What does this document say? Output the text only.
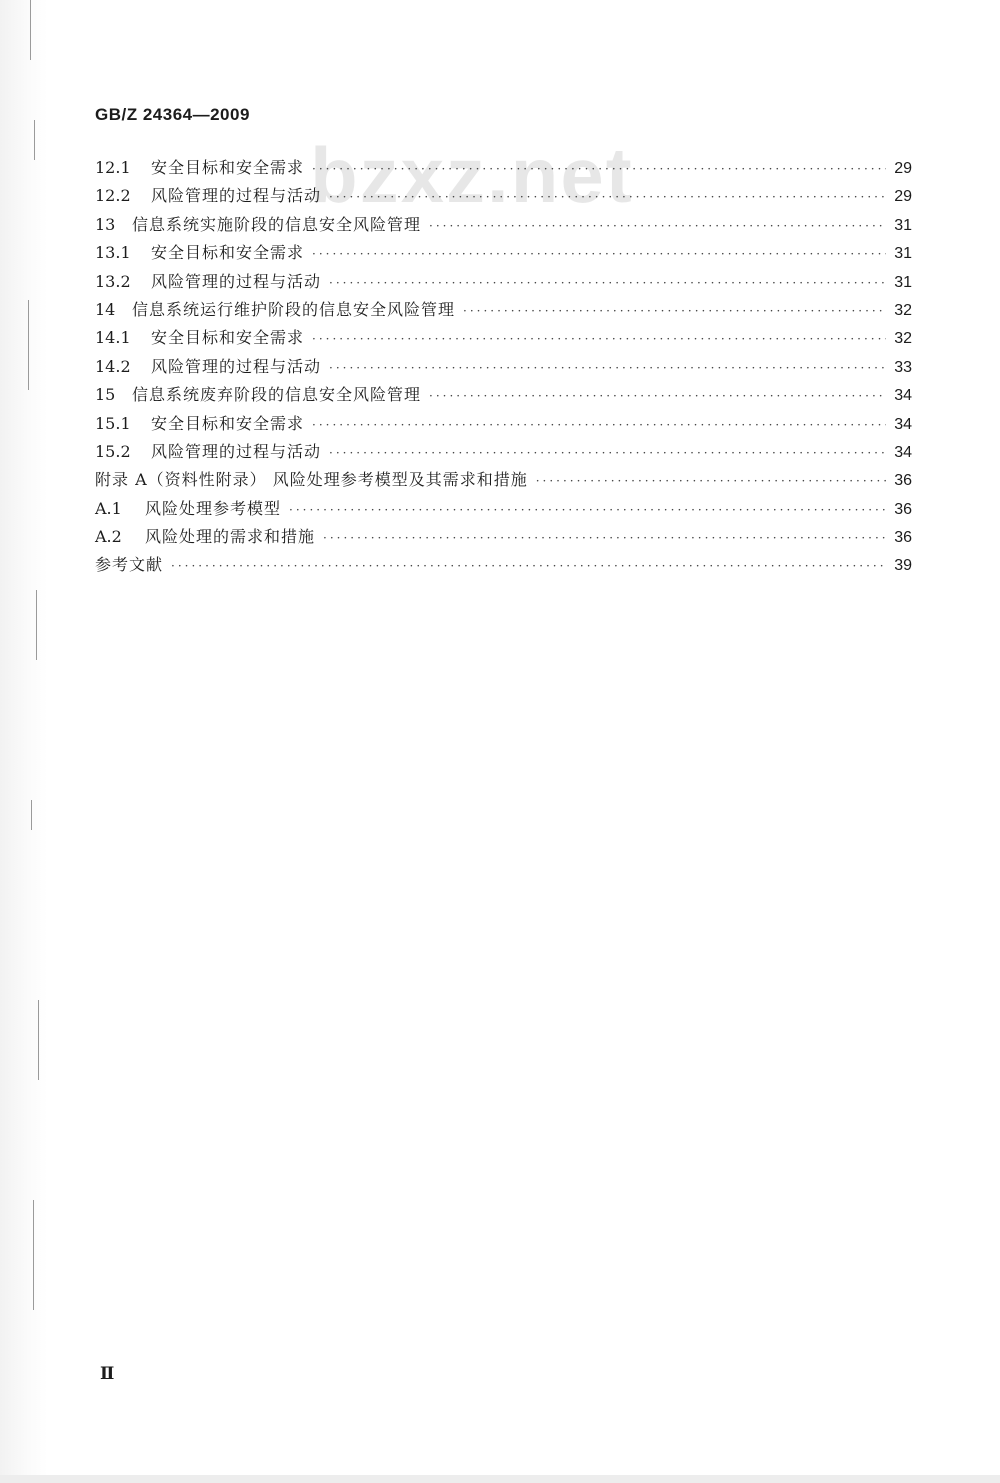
GB/Z 24364—2009
bzxz.net
12.1	安全目标和安全需求 ·····	29
12.2	风险管理的过程与活动 ·····	29
13	信息系统实施阶段的信息安全风险管理 ·····	31
13.1	安全目标和安全需求 ·····	31
13.2	风险管理的过程与活动 ·····	31
14	信息系统运行维护阶段的信息安全风险管理 ·····	32
14.1	安全目标和安全需求 ·····	32
14.2	风险管理的过程与活动 ·····	33
15	信息系统废弃阶段的信息安全风险管理 ·····	34
15.1	安全目标和安全需求 ·····	34
15.2	风险管理的过程与活动 ·····	34
附录 A（资料性附录） 风险处理参考模型及其需求和措施 ·····	36
A.1	风险处理参考模型 ·····	36
A.2	风险处理的需求和措施 ·····	36
参考文献 ·····	39
Ⅱ
